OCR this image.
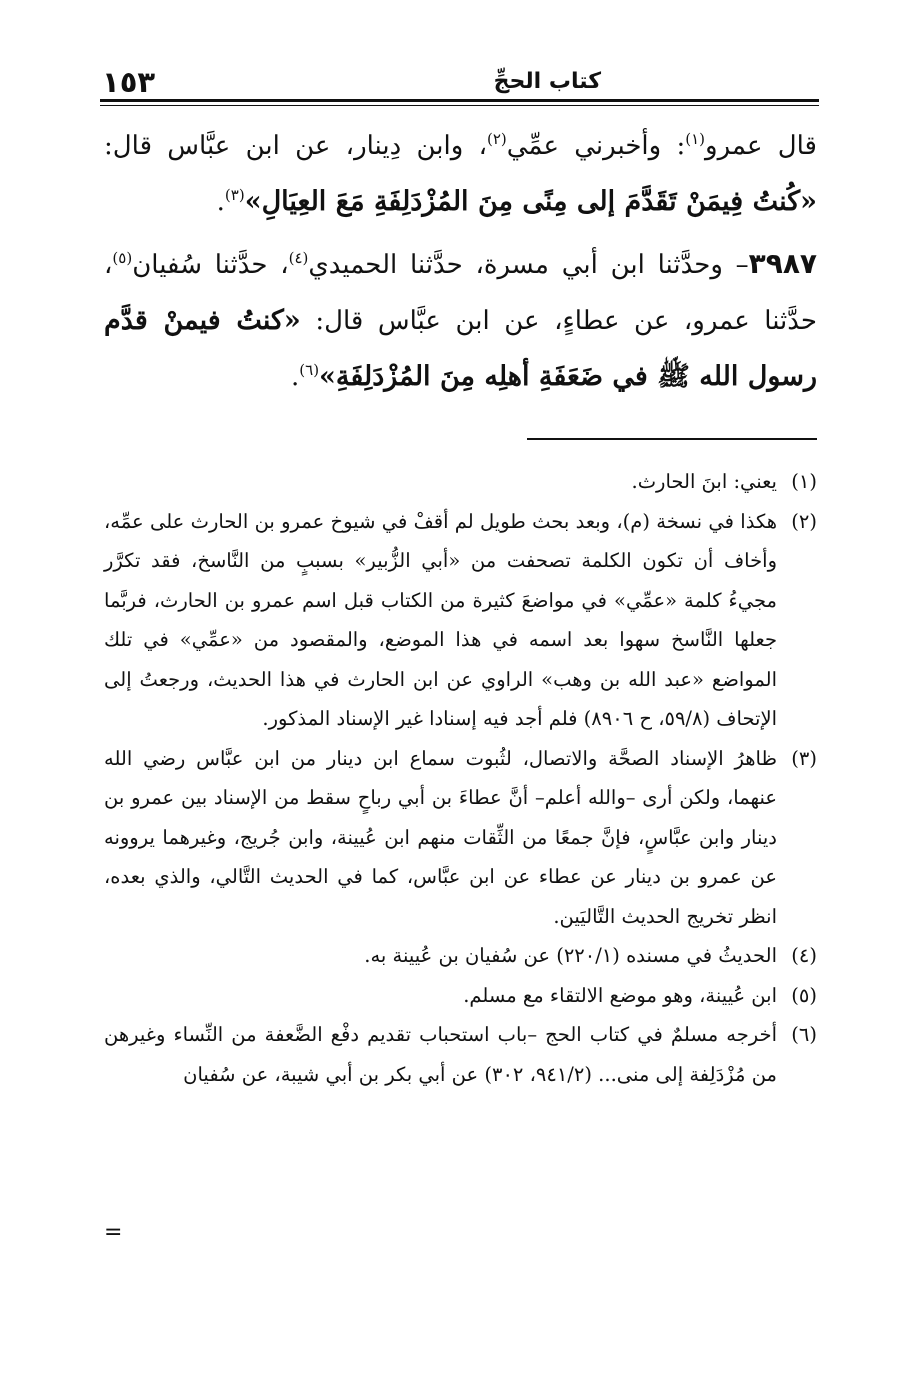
١٥٣	كتاب الحجِّ

قال عمرو$^{(١)}$: وأخبرني عمِّي$^{(٢)}$، وابن دِينار، عن ابن عبَّاس قال: «كُنتُ فِيمَنْ تَقَدَّمَ إلى مِنًى مِنَ المُزْدَلِفَةِ مَعَ العِيَالِ»$^{(٣)}$.

٣٩٨٧– وحدَّثنا ابن أبي مسرة، حدَّثنا الحميدي$^{(٤)}$، حدَّثنا سُفيان$^{(٥)}$، حدَّثنا عمرو، عن عطاءٍ، عن ابن عبَّاس قال: «كنتُ فيمنْ قدَّم رسول الله ﷺ في ضَعَفَةِ أهلِه مِنَ المُزْدَلِفَةِ»$^{(٦)}$.

(١)يعني: ابنَ الحارث.

(٢)هكذا في نسخة (م)، وبعد بحث طويل لم أقفْ في شيوخ عمرو بن الحارث على عمِّه، وأخاف أن تكون الكلمة تصحفت من «أبي الزُّبير» بسببٍ من النَّاسخ، فقد تكرَّر مجيءُ كلمة «عمِّي» في مواضعَ كثيرة من الكتاب قبل اسم عمرو بن الحارث، فربَّما جعلها النَّاسخ سهوا بعد اسمه في هذا الموضع، والمقصود من «عمِّي» في تلك المواضع «عبد الله بن وهب» الراوي عن ابن الحارث في هذا الحديث، ورجعتُ إلى الإتحاف (٥٩/٨، ح ٨٩٠٦) فلم أجد فيه إسنادا غير الإسناد المذكور.

(٣)ظاهرُ الإسناد الصحَّة والاتصال، لثُبوت سماع ابن دينار من ابن عبَّاس رضي الله عنهما، ولكن أرى –والله أعلم– أنَّ عطاءَ بن أبي رباحٍ سقط من الإسناد بين عمرو بن دينار وابن عبَّاسٍ، فإنَّ جمعًا من الثِّقات منهم ابن عُيينة، وابن جُريج، وغيرهما يروونه عن عمرو بن دينار عن عطاء عن ابن عبَّاس، كما في الحديث التَّالي، والذي بعده، انظر تخريج الحديث التَّاليَين.

(٤)الحديثُ في مسنده (٢٢٠/١) عن سُفيان بن عُيينة به.

(٥)ابن عُيينة، وهو موضع الالتقاء مع مسلم.

(٦)أخرجه مسلمٌ في كتاب الحج –باب استحباب تقديم دفْع الضَّعفة من النِّساء وغيرهن من مُزْدَلِفة إلى منى... (٩٤١/٢، ٣٠٢) عن أبي بكر بن أبي شيبة، عن سُفيان

=
